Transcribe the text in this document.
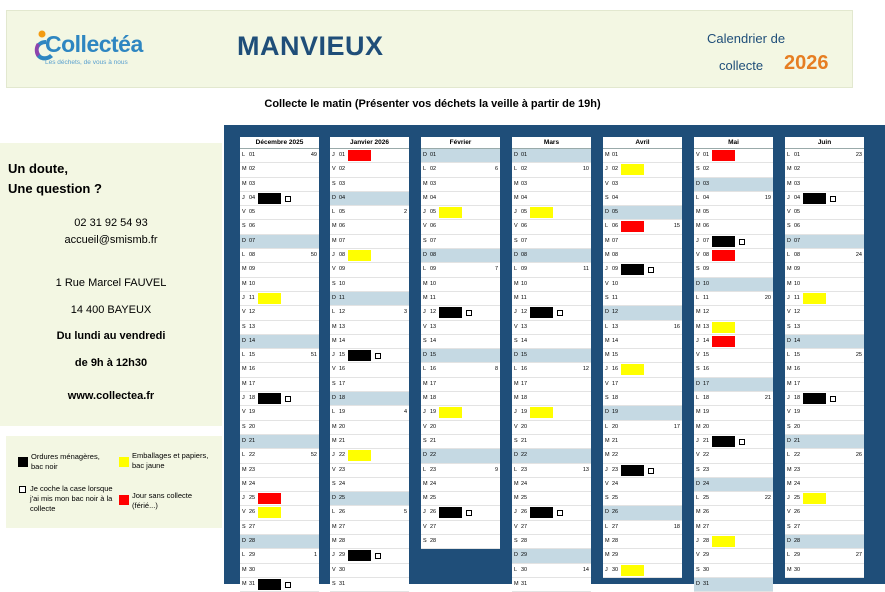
Collectéa
Les déchets, de vous à nous
MANVIEUX	Calendrier de
collecte 2026
Collecte le matin (Présenter vos déchets la veille à partir de 19h)
Un doute,
Une question ?
02 31 92 54 93
accueil@smismb.fr
1 Rue Marcel FAUVEL
14 400 BAYEUX
Du lundi au vendredi
de 9h à 12h30
www.collectea.fr
Ordures ménagères, bac noir
Emballages et papiers, bac jaune
Je coche la case lorsque j'ai mis mon bac noir à la collecte
Jour sans collecte (férié...)
Décembre 2025
L 01	49
M 02
M 03
J 04
V 05
S 06
D 07
L 08	50
M 09
M 10
J 11
V 12
S 13
D 14
L 15	51
M 16
M 17
J 18
V 19
S 20
D 21
L 22	52
M 23
M 24
J 25
V 26
S 27
D 28
L 29	1
M 30
M 31
Janvier 2026
J 01
V 02
S 03
D 04
L 05	2
M 06
M 07
J 08
V 09
S 10
D 11
L 12	3
M 13
M 14
J 15
V 16
S 17
D 18
L 19	4
M 20
M 21
J 22
V 23
S 24
D 25
L 26	5
M 27
M 28
J 29
V 30
S 31
Février
D 01
L 02	6
M 03
M 04
J 05
V 06
S 07
D 08
L 09	7
M 10
M 11
J 12
V 13
S 14
D 15
L 16	8
M 17
M 18
J 19
V 20
S 21
D 22
L 23	9
M 24
M 25
J 26
V 27
S 28
Mars
D 01
L 02	10
M 03
M 04
J 05
V 06
S 07
D 08
L 09	11
M 10
M 11
J 12
V 13
S 14
D 15
L 16	12
M 17
M 18
J 19
V 20
S 21
D 22
L 23	13
M 24
M 25
J 26
V 27
S 28
D 29
L 30	14
M 31
Avril
M 01
J 02
V 03
S 04
D 05
L 06	15
M 07
M 08
J 09
V 10
S 11
D 12
L 13	16
M 14
M 15
J 16
V 17
S 18
D 19
L 20	17
M 21
M 22
J 23
V 24
S 25
D 26
L 27	18
M 28
M 29
J 30
Mai
V 01
S 02
D 03
L 04	19
M 05
M 06
J 07
V 08
S 09
D 10
L 11	20
M 12
M 13
J 14
V 15
S 16
D 17
L 18	21
M 19
M 20
J 21
V 22
S 23
D 24
L 25	22
M 26
M 27
J 28
V 29
S 30
D 31
Juin
L 01	23
M 02
M 03
J 04
V 05
S 06
D 07
L 08	24
M 09
M 10
J 11
V 12
S 13
D 14
L 15	25
M 16
M 17
J 18
V 19
S 20
D 21
L 22	26
M 23
M 24
J 25
V 26
S 27
D 28
L 29	27
M 30
